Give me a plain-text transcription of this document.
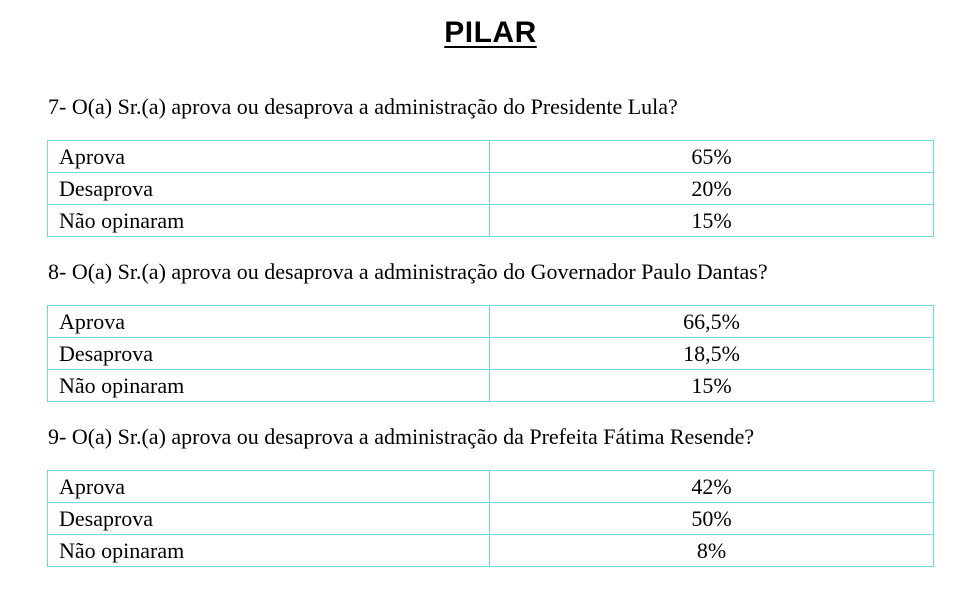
PILAR
7- O(a) Sr.(a) aprova ou desaprova a administração do Presidente Lula?
Aprova	65%
Desaprova	20%
Não opinaram	15%
8- O(a) Sr.(a) aprova ou desaprova a administração do Governador Paulo Dantas?
Aprova	66,5%
Desaprova	18,5%
Não opinaram	15%
9- O(a) Sr.(a) aprova ou desaprova a administração da Prefeita Fátima Resende?
Aprova	42%
Desaprova	50%
Não opinaram	8%
